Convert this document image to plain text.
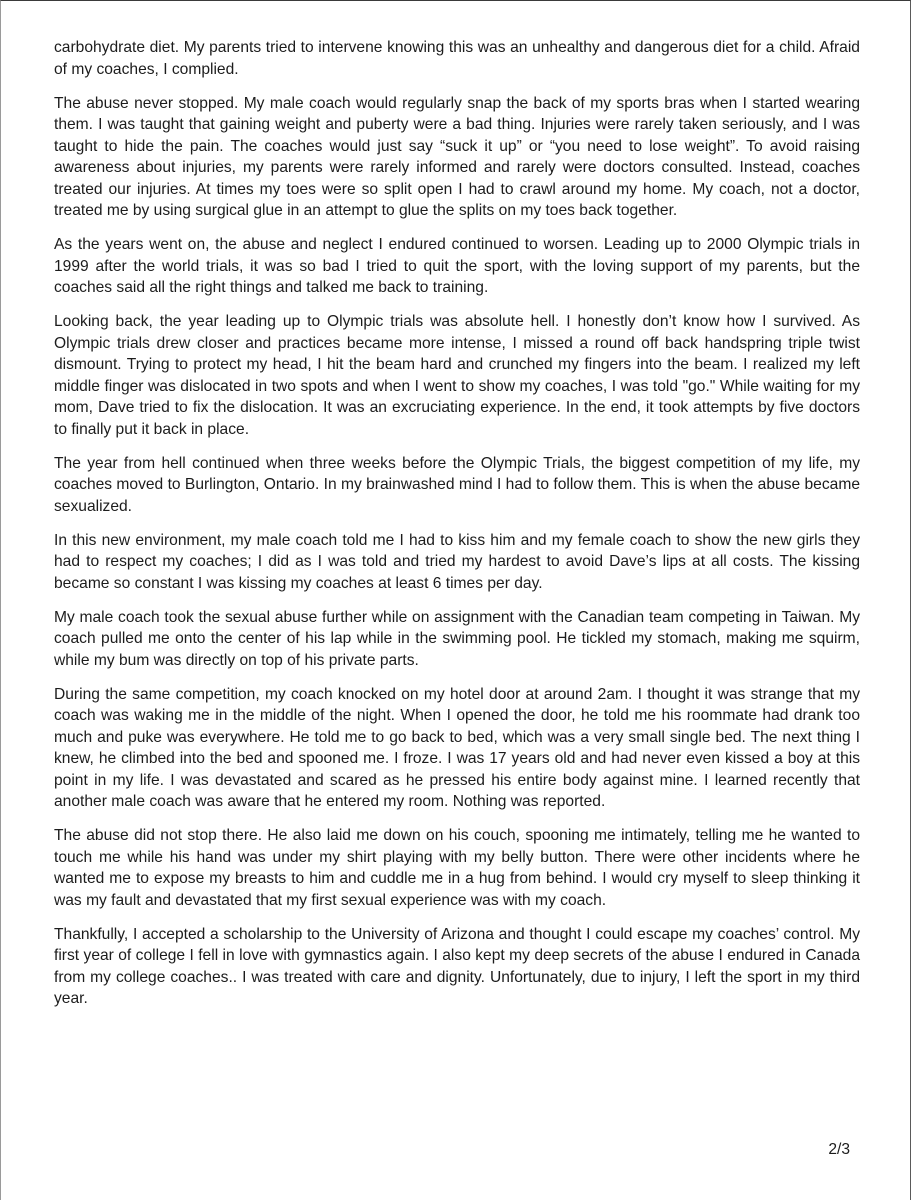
carbohydrate diet. My parents tried to intervene knowing this was an unhealthy and dangerous diet for a child. Afraid of my coaches, I complied.

The abuse never stopped. My male coach would regularly snap the back of my sports bras when I started wearing them. I was taught that gaining weight and puberty were a bad thing. Injuries were rarely taken seriously, and I was taught to hide the pain. The coaches would just say “suck it up” or “you need to lose weight”. To avoid raising awareness about injuries, my parents were rarely informed and rarely were doctors consulted. Instead, coaches treated our injuries. At times my toes were so split open I had to crawl around my home. My coach, not a doctor, treated me by using surgical glue in an attempt to glue the splits on my toes back together.

As the years went on, the abuse and neglect I endured continued to worsen. Leading up to 2000 Olympic trials in 1999 after the world trials, it was so bad I tried to quit the sport, with the loving support of my parents, but the coaches said all the right things and talked me back to training.

Looking back, the year leading up to Olympic trials was absolute hell. I honestly don’t know how I survived. As Olympic trials drew closer and practices became more intense, I missed a round off back handspring triple twist dismount. Trying to protect my head, I hit the beam hard and crunched my fingers into the beam. I realized my left middle finger was dislocated in two spots and when I went to show my coaches, I was told "go." While waiting for my mom, Dave tried to fix the dislocation. It was an excruciating experience. In the end, it took attempts by five doctors to finally put it back in place.

The year from hell continued when three weeks before the Olympic Trials, the biggest competition of my life, my coaches moved to Burlington, Ontario. In my brainwashed mind I had to follow them. This is when the abuse became sexualized.

In this new environment, my male coach told me I had to kiss him and my female coach to show the new girls they had to respect my coaches; I did as I was told and tried my hardest to avoid Dave’s lips at all costs. The kissing became so constant I was kissing my coaches at least 6 times per day.

My male coach took the sexual abuse further while on assignment with the Canadian team competing in Taiwan. My coach pulled me onto the center of his lap while in the swimming pool. He tickled my stomach, making me squirm, while my bum was directly on top of his private parts.

During the same competition, my coach knocked on my hotel door at around 2am. I thought it was strange that my coach was waking me in the middle of the night. When I opened the door, he told me his roommate had drank too much and puke was everywhere. He told me to go back to bed, which was a very small single bed. The next thing I knew, he climbed into the bed and spooned me. I froze. I was 17 years old and had never even kissed a boy at this point in my life. I was devastated and scared as he pressed his entire body against mine. I learned recently that another male coach was aware that he entered my room. Nothing was reported.

The abuse did not stop there. He also laid me down on his couch, spooning me intimately, telling me he wanted to touch me while his hand was under my shirt playing with my belly button. There were other incidents where he wanted me to expose my breasts to him and cuddle me in a hug from behind. I would cry myself to sleep thinking it was my fault and devastated that my first sexual experience was with my coach.

Thankfully, I accepted a scholarship to the University of Arizona and thought I could escape my coaches’ control. My first year of college I fell in love with gymnastics again. I also kept my deep secrets of the abuse I endured in Canada from my college coaches.. I was treated with care and dignity. Unfortunately, due to injury, I left the sport in my third year.

2/3
